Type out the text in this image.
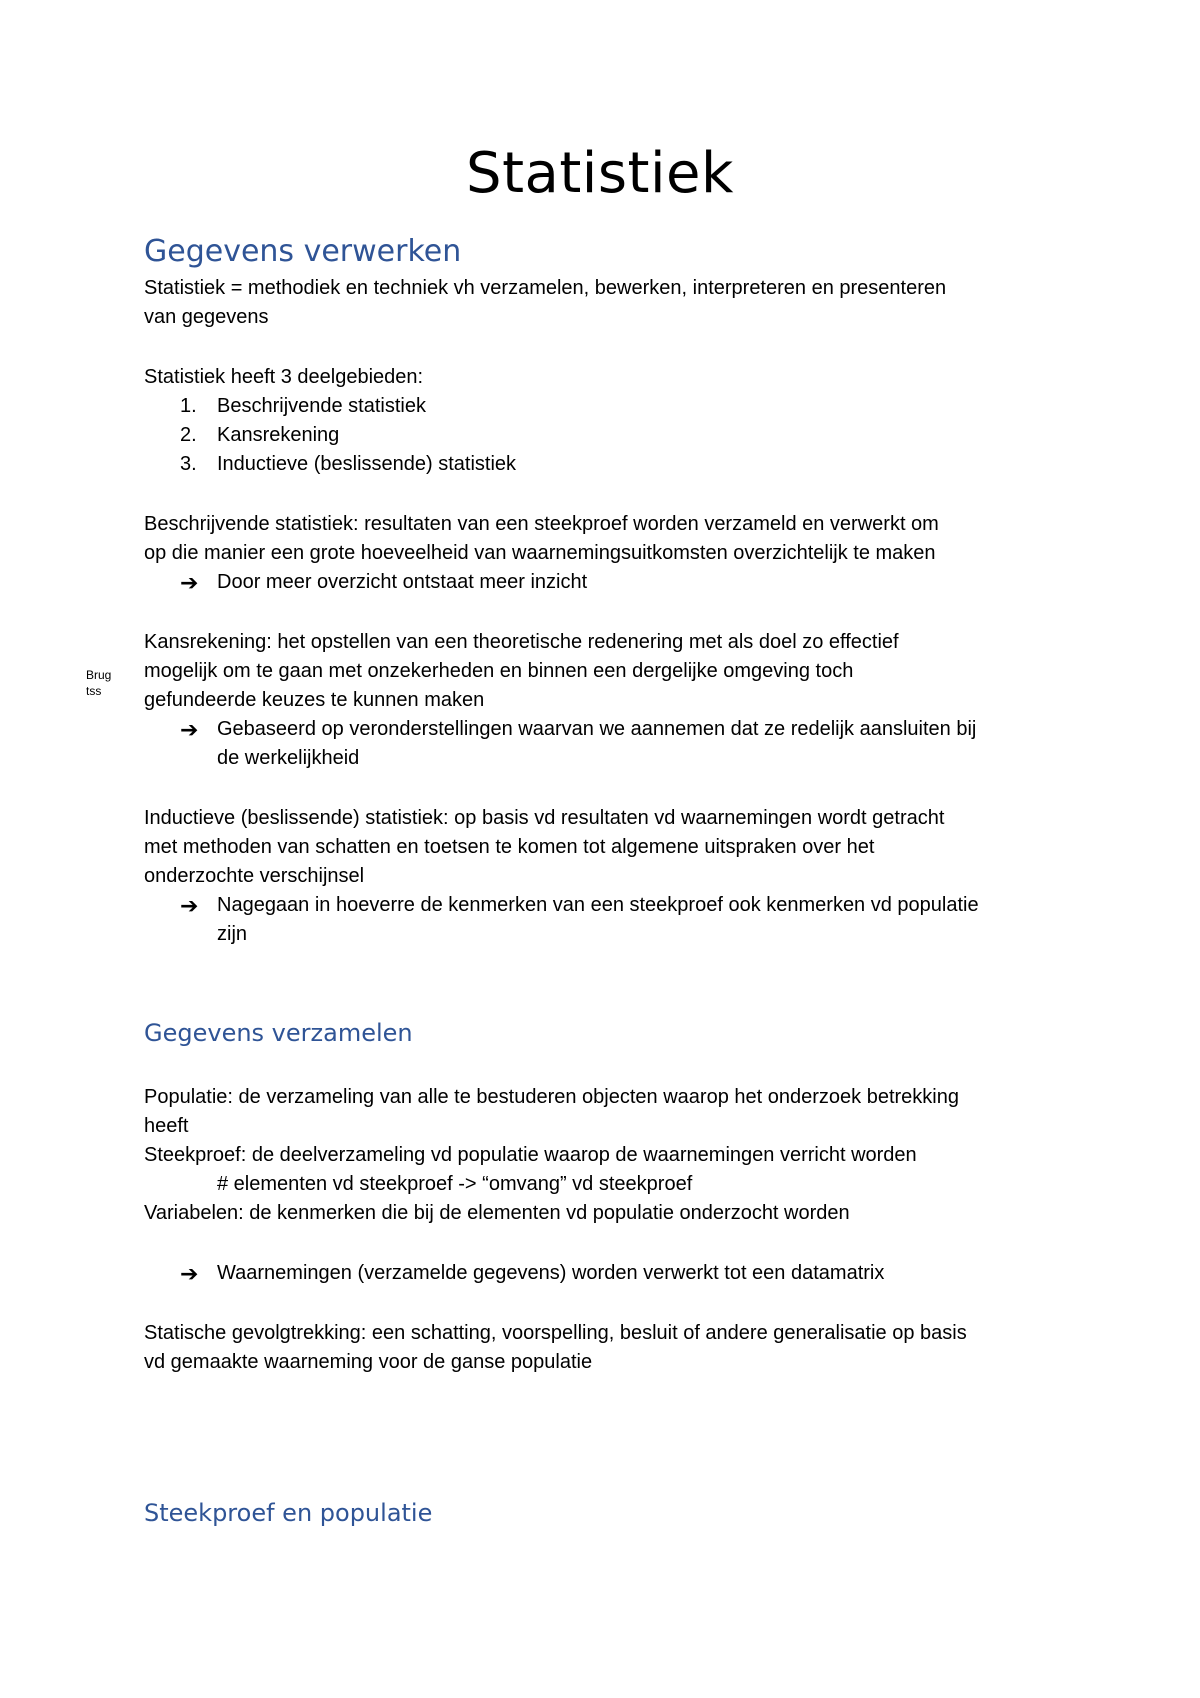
Statistiek
Gegevens verwerken
Statistiek = methodiek en techniek vh verzamelen, bewerken, interpreteren en presenteren
van gegevens
Statistiek heeft 3 deelgebieden:
1. Beschrijvende statistiek
2. Kansrekening
3. Inductieve (beslissende) statistiek
Beschrijvende statistiek: resultaten van een steekproef worden verzameld en verwerkt om
op die manier een grote hoeveelheid van waarnemingsuitkomsten overzichtelijk te maken
➔ Door meer overzicht ontstaat meer inzicht
Kansrekening: het opstellen van een theoretische redenering met als doel zo effectief
Brug
tss
mogelijk om te gaan met onzekerheden en binnen een dergelijke omgeving toch
gefundeerde keuzes te kunnen maken
➔ Gebaseerd op veronderstellingen waarvan we aannemen dat ze redelijk aansluiten bij
de werkelijkheid
Inductieve (beslissende) statistiek: op basis vd resultaten vd waarnemingen wordt getracht
met methoden van schatten en toetsen te komen tot algemene uitspraken over het
onderzochte verschijnsel
➔ Nagegaan in hoeverre de kenmerken van een steekproef ook kenmerken vd populatie
zijn
Gegevens verzamelen
Populatie: de verzameling van alle te bestuderen objecten waarop het onderzoek betrekking
heeft
Steekproef: de deelverzameling vd populatie waarop de waarnemingen verricht worden
# elementen vd steekproef -> “omvang” vd steekproef
Variabelen: de kenmerken die bij de elementen vd populatie onderzocht worden
➔ Waarnemingen (verzamelde gegevens) worden verwerkt tot een datamatrix
Statische gevolgtrekking: een schatting, voorspelling, besluit of andere generalisatie op basis
vd gemaakte waarneming voor de ganse populatie
Steekproef en populatie
